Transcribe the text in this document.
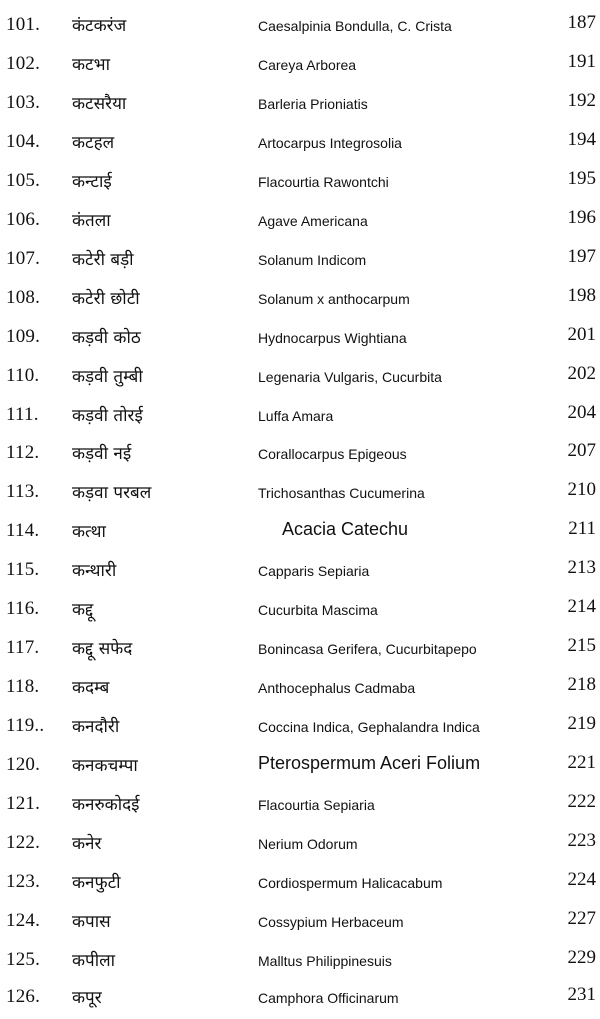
101.	कंटकरंज	Caesalpinia Bondulla, C. Crista	187
102.	कटभा	Careya Arborea	191
103.	कटसरैया	Barleria Prioniatis	192
104.	कटहल	Artocarpus Integrosolia	194
105.	कन्टाई	Flacourtia Rawontchi	195
106.	कंतला	Agave Americana	196
107.	कटेरी बड़ी	Solanum Indicom	197
108.	कटेरी छोटी	Solanum x anthocarpum	198
109.	कड़वी कोठ	Hydnocarpus Wightiana	201
110.	कड़वी तुम्बी	Legenaria Vulgaris, Cucurbita	202
111.	कड़वी तोरई	Luffa Amara	204
112.	कड़वी नई	Corallocarpus Epigeous	207
113.	कड़वा परबल	Trichosanthas Cucumerina	210
114.	कत्था	Acacia Catechu	211
115.	कन्थारी	Capparis Sepiaria	213
116.	कद्दू	Cucurbita Mascima	214
117.	कद्दू सफेद	Bonincasa Gerifera, Cucurbitapepo	215
118.	कदम्ब	Anthocephalus Cadmaba	218
119..	कनदौरी	Coccina Indica, Gephalandra Indica	219
120.	कनकचम्पा	Pterospermum Aceri Folium	221
121.	कनरुकोदई	Flacourtia Sepiaria	222
122.	कनेर	Nerium Odorum	223
123.	कनफुटी	Cordiospermum Halicacabum	224
124.	कपास	Cossypium Herbaceum	227
125.	कपीला	Malltus Philippinesuis	229
126.	कपूर	Camphora Officinarum	231
